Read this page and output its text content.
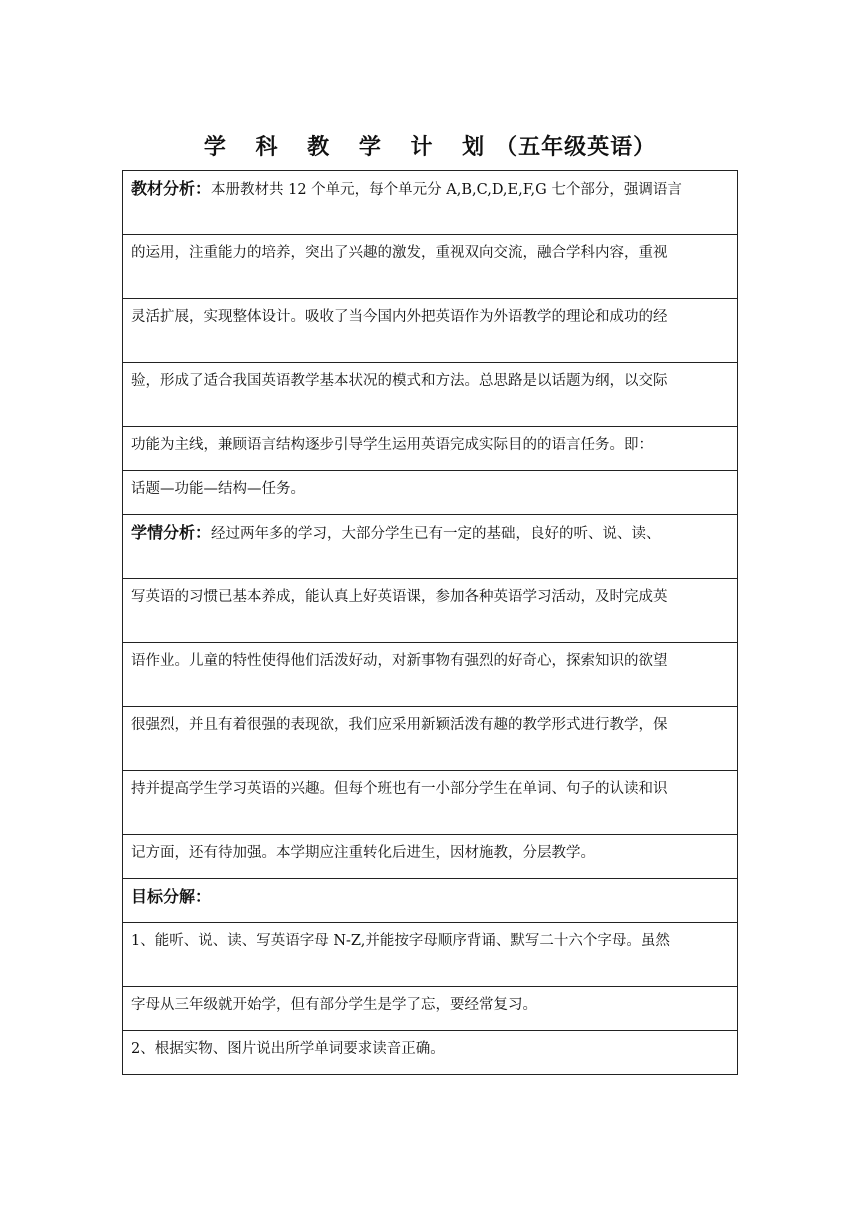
学 科 教 学 计 划（五年级英语）
教材分析：本册教材共 12 个单元，每个单元分 A,B,C,D,E,F,G 七个部分，强调语言
的运用，注重能力的培养，突出了兴趣的激发，重视双向交流，融合学科内容，重视
灵活扩展，实现整体设计。吸收了当今国内外把英语作为外语教学的理论和成功的经
验，形成了适合我国英语教学基本状况的模式和方法。总思路是以话题为纲，以交际
功能为主线，兼顾语言结构逐步引导学生运用英语完成实际目的的语言任务。即：
话题—功能—结构—任务。
学情分析：经过两年多的学习，大部分学生已有一定的基础，良好的听、说、读、
写英语的习惯已基本养成，能认真上好英语课，参加各种英语学习活动，及时完成英
语作业。儿童的特性使得他们活泼好动，对新事物有强烈的好奇心，探索知识的欲望
很强烈，并且有着很强的表现欲，我们应采用新颖活泼有趣的教学形式进行教学，保
持并提高学生学习英语的兴趣。但每个班也有一小部分学生在单词、句子的认读和识
记方面，还有待加强。本学期应注重转化后进生，因材施教，分层教学。
目标分解：
1、能听、说、读、写英语字母 N-Z,并能按字母顺序背诵、默写二十六个字母。虽然
字母从三年级就开始学，但有部分学生是学了忘，要经常复习。
2、根据实物、图片说出所学单词要求读音正确。
